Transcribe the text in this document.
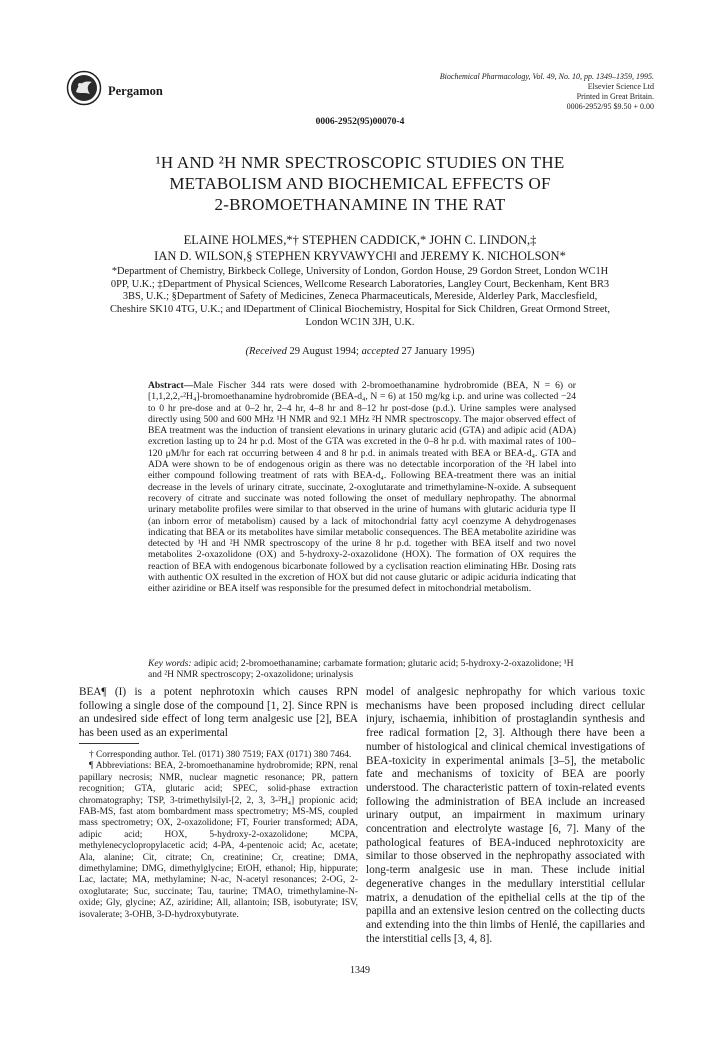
Pergamon
Biochemical Pharmacology, Vol. 49, No. 10, pp. 1349–1359, 1995.
Elsevier Science Ltd
Printed in Great Britain.
0006-2952/95 $9.50 + 0.00
0006-2952(95)00070-4
¹H AND ²H NMR SPECTROSCOPIC STUDIES ON THE
METABOLISM AND BIOCHEMICAL EFFECTS OF
2-BROMOETHANAMINE IN THE RAT
ELAINE HOLMES,*† STEPHEN CADDICK,* JOHN C. LINDON,‡
IAN D. WILSON,§ STEPHEN KRYVAWYCH‖ and JEREMY K. NICHOLSON*
*Department of Chemistry, Birkbeck College, University of London, Gordon House, 29 Gordon Street, London WC1H 0PP, U.K.; ‡Department of Physical Sciences, Wellcome Research Laboratories, Langley Court, Beckenham, Kent BR3 3BS, U.K.; §Department of Safety of Medicines, Zeneca Pharmaceuticals, Mereside, Alderley Park, Macclesfield, Cheshire SK10 4TG, U.K.; and ‖Department of Clinical Biochemistry, Hospital for Sick Children, Great Ormond Street, London WC1N 3JH, U.K.
(Received 29 August 1994; accepted 27 January 1995)
Abstract—Male Fischer 344 rats were dosed with 2-bromoethanamine hydrobromide (BEA, N = 6) or [1,1,2,2,-²H₄]-bromoethanamine hydrobromide (BEA-d₄, N = 6) at 150 mg/kg i.p. and urine was collected −24 to 0 hr pre-dose and at 0–2 hr, 2–4 hr, 4–8 hr and 8–12 hr post-dose (p.d.). Urine samples were analysed directly using 500 and 600 MHz ¹H NMR and 92.1 MHz ²H NMR spectroscopy. The major observed effect of BEA treatment was the induction of transient elevations in urinary glutaric acid (GTA) and adipic acid (ADA) excretion lasting up to 24 hr p.d. Most of the GTA was excreted in the 0–8 hr p.d. with maximal rates of 100–120 μM/hr for each rat occurring between 4 and 8 hr p.d. in animals treated with BEA or BEA-d₄. GTA and ADA were shown to be of endogenous origin as there was no detectable incorporation of the ²H label into either compound following treatment of rats with BEA-d₄. Following BEA-treatment there was an initial decrease in the levels of urinary citrate, succinate, 2-oxoglutarate and trimethylamine-N-oxide. A subsequent recovery of citrate and succinate was noted following the onset of medullary nephropathy. The abnormal urinary metabolite profiles were similar to that observed in the urine of humans with glutaric aciduria type II (an inborn error of metabolism) caused by a lack of mitochondrial fatty acyl coenzyme A dehydrogenases indicating that BEA or its metabolites have similar metabolic consequences. The BEA metabolite aziridine was detected by ¹H and ²H NMR spectroscopy of the urine 8 hr p.d. together with BEA itself and two novel metabolites 2-oxazolidone (OX) and 5-hydroxy-2-oxazolidone (HOX). The formation of OX requires the reaction of BEA with endogenous bicarbonate followed by a cyclisation reaction eliminating HBr. Dosing rats with authentic OX resulted in the excretion of HOX but did not cause glutaric or adipic aciduria indicating that either aziridine or BEA itself was responsible for the presumed defect in mitochondrial metabolism.
Key words: adipic acid; 2-bromoethanamine; carbamate formation; glutaric acid; 5-hydroxy-2-oxazolidone; ¹H and ²H NMR spectroscopy; 2-oxazolidone; urinalysis
BEA¶ (I) is a potent nephrotoxin which causes RPN following a single dose of the compound [1, 2]. Since RPN is an undesired side effect of long term analgesic use [2], BEA has been used as an experimental

† Corresponding author. Tel. (0171) 380 7519; FAX (0171) 380 7464.

¶ Abbreviations: BEA, 2-bromoethanamine hydrobromide; RPN, renal papillary necrosis; NMR, nuclear magnetic resonance; PR, pattern recognition; GTA, glutaric acid; SPEC, solid-phase extraction chromatography; TSP, 3-trimethylsilyl-[2, 2, 3, 3-²H₄] propionic acid; FAB-MS, fast atom bombardment mass spectrometry; MS-MS, coupled mass spectrometry; OX, 2-oxazolidone; FT, Fourier transformed; ADA, adipic acid; HOX, 5-hydroxy-2-oxazolidone; MCPA, methylenecyclopropylacetic acid; 4-PA, 4-pentenoic acid; Ac, acetate; Ala, alanine; Cit, citrate; Cn, creatinine; Cr, creatine; DMA, dimethylamine; DMG, dimethylglycine; EtOH, ethanol; Hip, hippurate; Lac, lactate; MA, methylamine; N-ac, N-acetyl resonances; 2-OG, 2-oxoglutarate; Suc, succinate; Tau, taurine; TMAO, trimethylamine-N-oxide; Gly, glycine; AZ, aziridine; All, allantoin; ISB, isobutyrate; ISV, isovalerate; 3-OHB, 3-D-hydroxybutyrate.

model of analgesic nephropathy for which various toxic mechanisms have been proposed including direct cellular injury, ischaemia, inhibition of prostaglandin synthesis and free radical formation [2, 3]. Although there have been a number of histological and clinical chemical investigations of BEA-toxicity in experimental animals [3–5], the metabolic fate and mechanisms of toxicity of BEA are poorly understood. The characteristic pattern of toxin-related events following the administration of BEA include an increased urinary output, an impairment in maximum urinary concentration and electrolyte wastage [6, 7]. Many of the pathological features of BEA-induced nephrotoxicity are similar to those observed in the nephropathy associated with long-term analgesic use in man. These include initial degenerative changes in the medullary interstitial cellular matrix, a denudation of the epithelial cells at the tip of the papilla and an extensive lesion centred on the collecting ducts and extending into the thin limbs of Henlé, the capillaries and the interstitial cells [3, 4, 8].
1349
